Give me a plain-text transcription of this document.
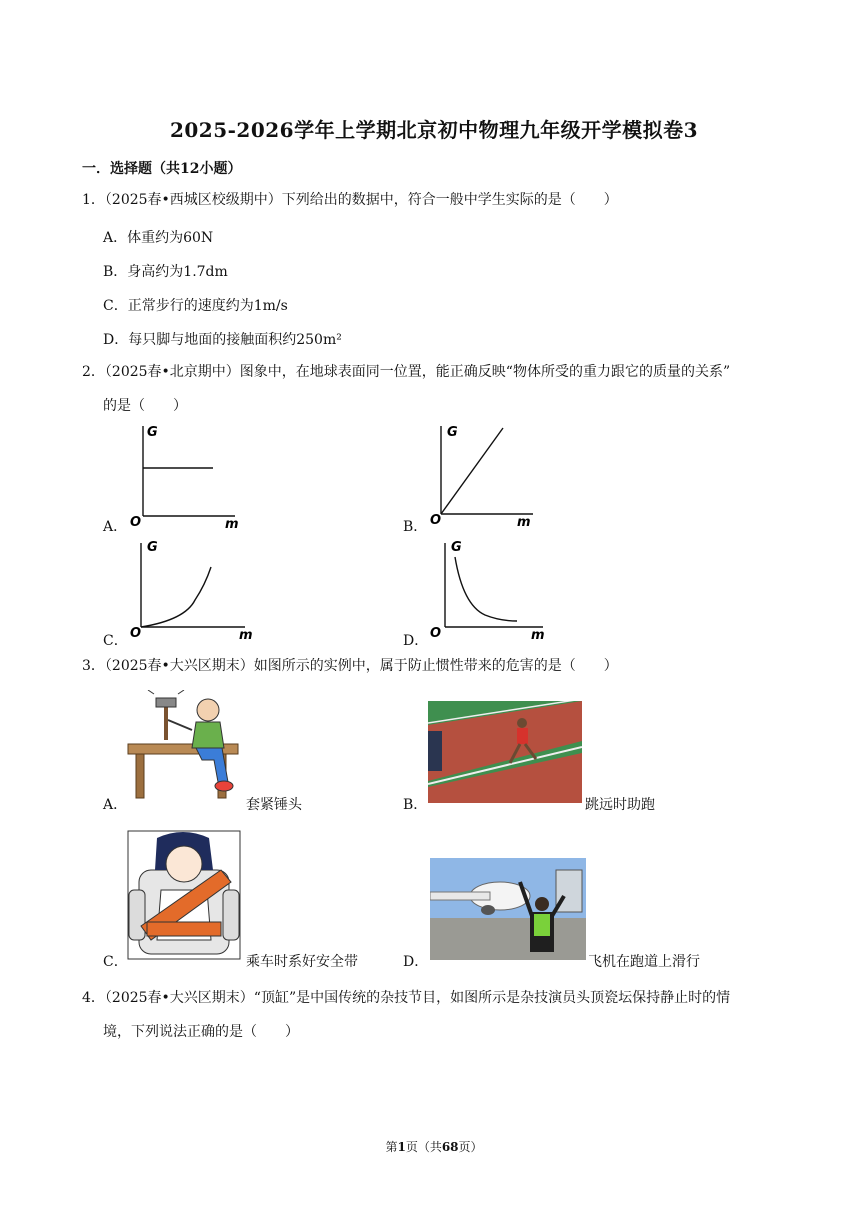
2025-2026学年上学期北京初中物理九年级开学模拟卷3
一．选择题（共12小题）
1．（2025春•西城区校级期中）下列给出的数据中，符合一般中学生实际的是（　　）
A．体重约为60N
B．身高约为1.7dm
C．正常步行的速度约为1m/s
D．每只脚与地面的接触面积约250m²
2．（2025春•北京期中）图象中，在地球表面同一位置，能正确反映“物体所受的重力跟它的质量的关系”
的是（　　）
A．
G
m
O	B．
G
m
O
C．
G
m
O	D．
G
m
O
3．（2025春•大兴区期末）如图所示的实例中，属于防止惯性带来的危害的是（　　）
A．	套紧锤头	B．	跳远时助跑
C．	乘车时系好安全带	D．	飞机在跑道上滑行
4．（2025春•大兴区期末）“顶缸”是中国传统的杂技节目，如图所示是杂技演员头顶瓷坛保持静止时的情
境，下列说法正确的是（　　）
第1页（共68页）
